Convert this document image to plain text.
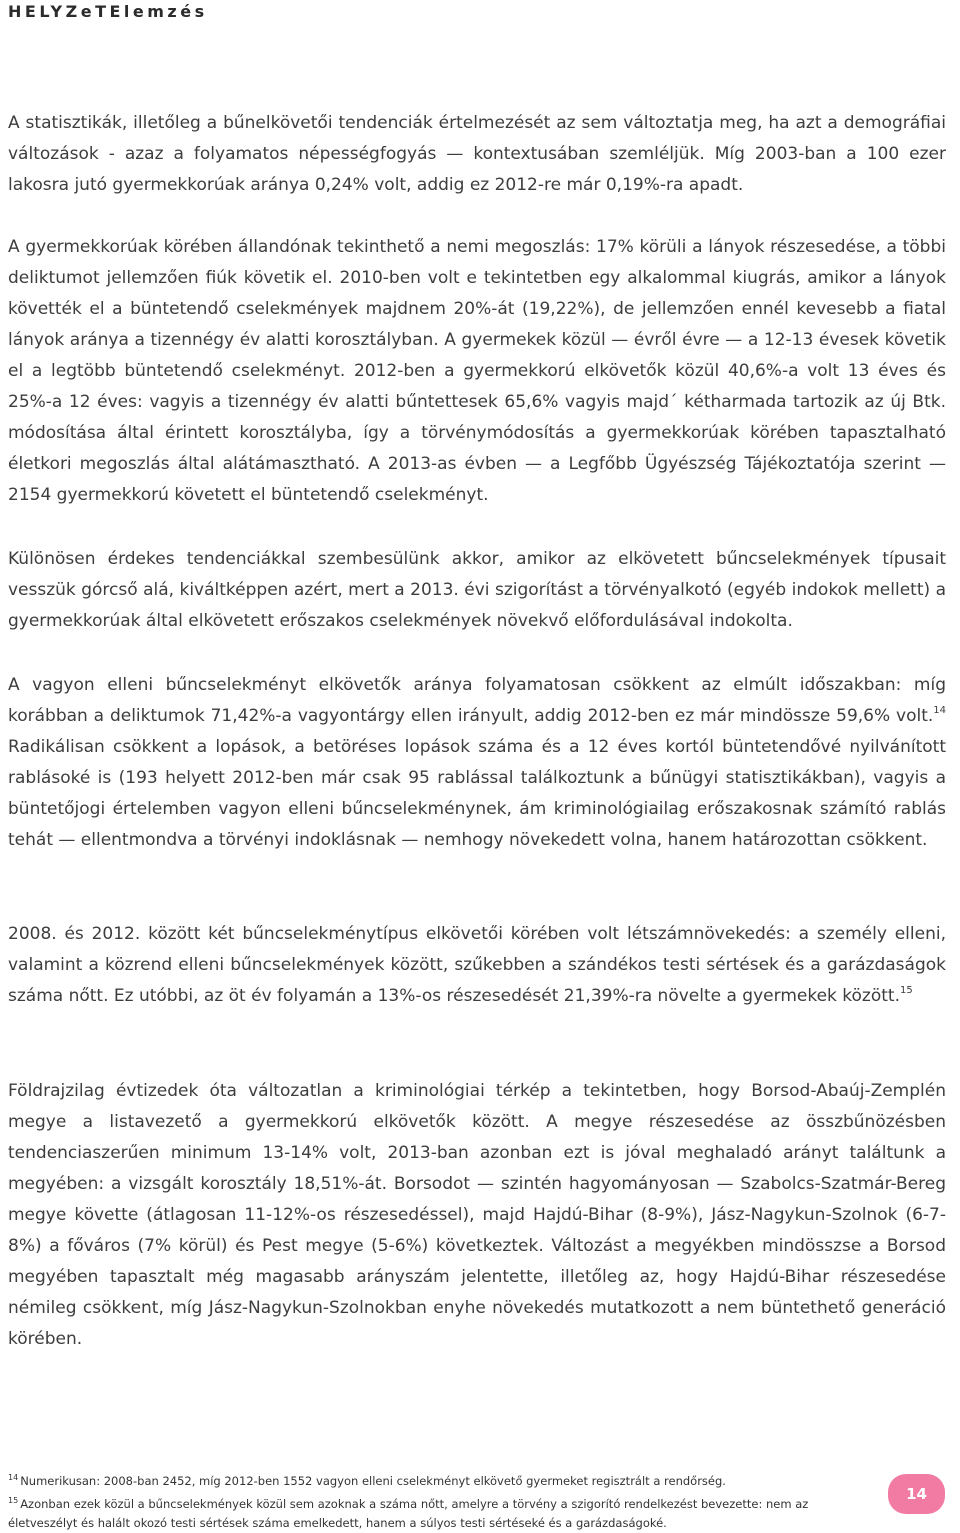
HELYZeTElemzés

A statisztikák, illetőleg a bűnelkövetői tendenciák értelmezését az sem változtatja meg, ha azt a demográfiai változások - azaz a folyamatos népességfogyás — kontextusában szemléljük. Míg 2003-ban a 100 ezer lakosra jutó gyermekkorúak aránya 0,24% volt, addig ez 2012-re már 0,19%-ra apadt.

A gyermekkorúak körében állandónak tekinthető a nemi megoszlás: 17% körüli a lányok részesedése, a többi deliktumot jellemzően fiúk követik el. 2010-ben volt e tekintetben egy alkalommal kiugrás, amikor a lányok követték el a büntetendő cselekmények majdnem 20%-át (19,22%), de jellemzően ennél kevesebb a fiatal lányok aránya a tizennégy év alatti korosztályban. A gyermekek közül — évről évre — a 12-13 évesek követik el a legtöbb büntetendő cselekményt. 2012-ben a gyermekkorú elkövetők közül 40,6%-a volt 13 éves és 25%-a 12 éves: vagyis a tizennégy év alatti bűntettesek 65,6% vagyis majd´ kétharmada tartozik az új Btk. módosítása által érintett korosztályba, így a törvénymódosítás a gyermekkorúak körében tapasztalható életkori megoszlás által alátámasztható. A 2013-as évben — a Legfőbb Ügyészség Tájékoztatója szerint — 2154 gyermekkorú követett el büntetendő cselekményt.

Különösen érdekes tendenciákkal szembesülünk akkor, amikor az elkövetett bűncselekmények típusait vesszük górcső alá, kiváltképpen azért, mert a 2013. évi szigorítást a törvényalkotó (egyéb indokok mellett) a gyermekkorúak által elkövetett erőszakos cselekmények növekvő előfordulásával indokolta.

A vagyon elleni bűncselekményt elkövetők aránya folyamatosan csökkent az elmúlt időszakban: míg korábban a deliktumok 71,42%-a vagyontárgy ellen irányult, addig 2012-ben ez már mindössze 59,6% volt.$^{14}$ Radikálisan csökkent a lopások, a betöréses lopások száma és a 12 éves kortól büntetendővé nyilvánított rablásoké is (193 helyett 2012-ben már csak 95 rablással találkoztunk a bűnügyi statisztikákban), vagyis a büntetőjogi értelemben vagyon elleni bűncselekménynek, ám kriminológiailag erőszakosnak számító rablás tehát — ellentmondva a törvényi indoklásnak — nemhogy növekedett volna, hanem határozottan csökkent.

2008. és 2012. között két bűncselekménytípus elkövetői körében volt létszámnövekedés: a személy elleni, valamint a közrend elleni bűncselekmények között, szűkebben a szándékos testi sértések és a garázdaságok száma nőtt. Ez utóbbi, az öt év folyamán a 13%-os részesedését 21,39%-ra növelte a gyermekek között.$^{15}$

Földrajzilag évtizedek óta változatlan a kriminológiai térkép a tekintetben, hogy Borsod-Abaúj-Zemplén megye a listavezető a gyermekkorú elkövetők között. A megye részesedése az összbűnözésben tendenciaszerűen minimum 13-14% volt, 2013-ban azonban ezt is jóval meghaladó arányt találtunk a megyében: a vizsgált korosztály 18,51%-át. Borsodot — szintén hagyományosan — Szabolcs-Szatmár-Bereg megye követte (átlagosan 11-12%-os részesedéssel), majd Hajdú-Bihar (8-9%), Jász-Nagykun-Szolnok (6-7-8%) a főváros (7% körül) és Pest megye (5-6%) következtek. Változást a megyékben mindösszse a Borsod megyében tapasztalt még magasabb arányszám jelentette, illetőleg az, hogy Hajdú-Bihar részesedése némileg csökkent, míg Jász-Nagykun-Szolnokban enyhe növekedés mutatkozott a nem büntethető generáció körében.

$^{14}$ Numerikusan: 2008-ban 2452, míg 2012-ben 1552 vagyon elleni cselekményt elkövető gyermeket regisztrált a rendőrség.

$^{15}$ Azonban ezek közül a bűncselekmények közül sem azoknak a száma nőtt, amelyre a törvény a szigorító rendelkezést bevezette: nem az életveszélyt és halált okozó testi sértések száma emelkedett, hanem a súlyos testi sértéseké és a garázdaságoké.

14
